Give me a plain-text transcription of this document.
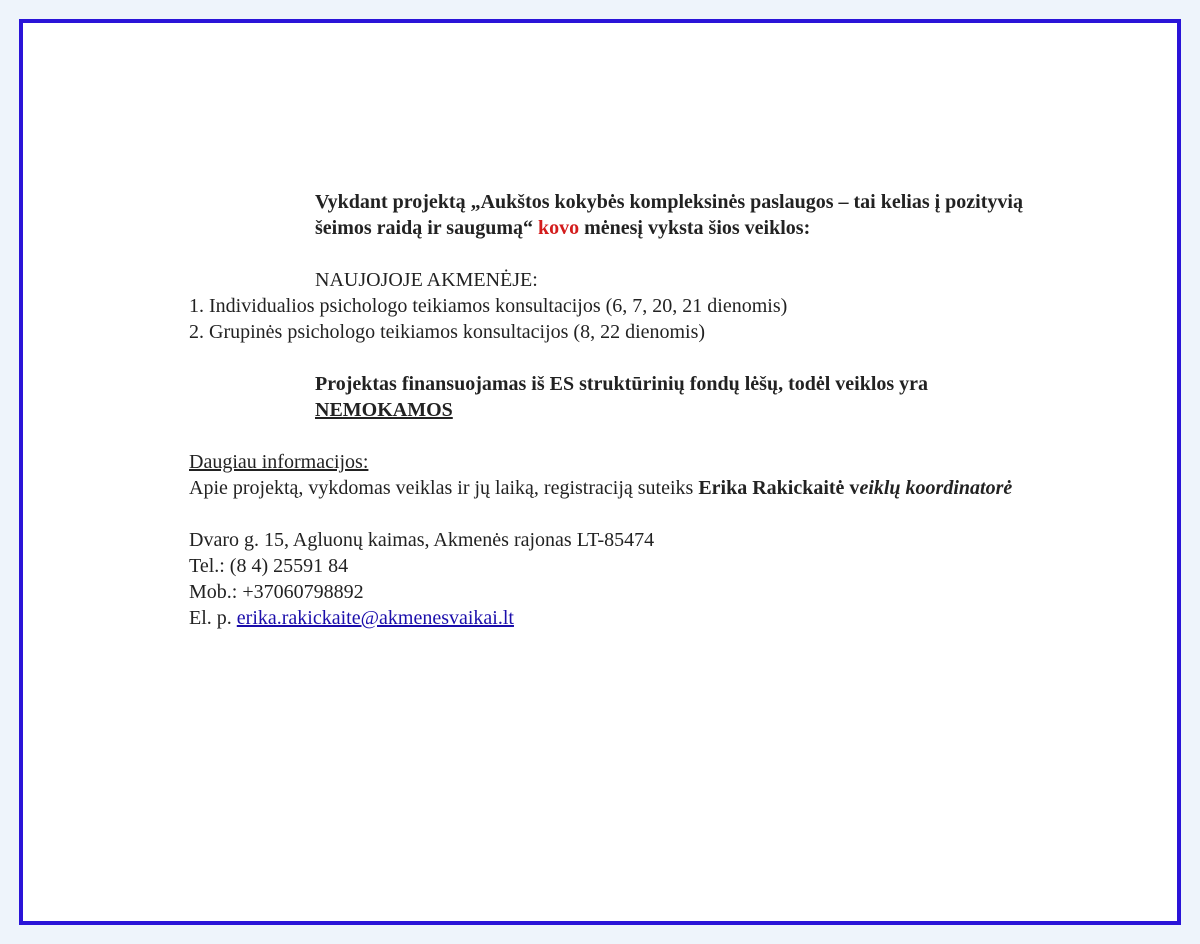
Vykdant projektą „Aukštos kokybės kompleksinės paslaugos – tai kelias į pozityvią šeimos raidą ir saugumą“ kovo mėnesį vyksta šios veiklos:

NAUJOJOJE AKMENĖJE:

1. Individualios psichologo teikiamos konsultacijos (6, 7, 20, 21 dienomis)

2. Grupinės psichologo teikiamos konsultacijos (8, 22 dienomis)

Projektas finansuojamas iš ES struktūrinių fondų lėšų, todėl veiklos yra NEMOKAMOS

Daugiau informacijos:

Apie projektą, vykdomas veiklas ir jų laiką, registraciją suteiks Erika Rakickaitė veiklų koordinatorė

Dvaro g. 15, Agluonų kaimas, Akmenės rajonas LT-85474

Tel.: (8 4) 25591 84

Mob.: +37060798892

El. p. erika.rakickaite@akmenesvaikai.lt
